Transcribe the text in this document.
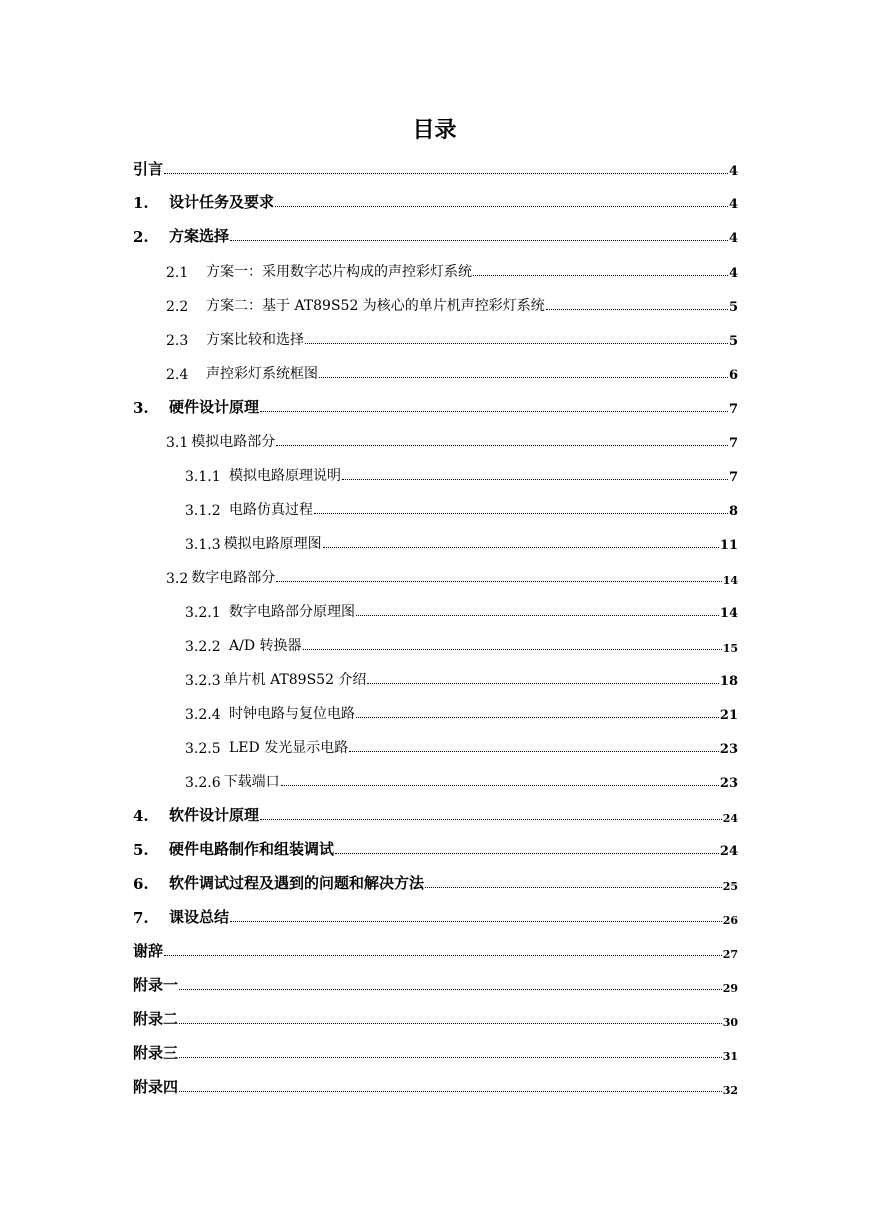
目录
引言	4
1.	设计任务及要求	4
2.	方案选择	4
2.1	方案一：采用数字芯片构成的声控彩灯系统	4
2.2	方案二：基于 AT89S52 为核心的单片机声控彩灯系统	5
2.3	方案比较和选择	5
2.4	声控彩灯系统框图	6
3.	硬件设计原理	7
3.1 模拟电路部分	7
3.1.1 模拟电路原理说明	7
3.1.2 电路仿真过程	8
3.1.3 模拟电路原理图	11
3.2 数字电路部分	14
3.2.1 数字电路部分原理图	14
3.2.2 A/D 转换器	15
3.2.3 单片机 AT89S52 介绍	18
3.2.4 时钟电路与复位电路	21
3.2.5 LED 发光显示电路	23
3.2.6 下载端口	23
4.	软件设计原理	24
5.	硬件电路制作和组装调试	24
6.	软件调试过程及遇到的问题和解决方法	25
7.	课设总结	26
谢辞	27
附录一	29
附录二	30
附录三	31
附录四	32
